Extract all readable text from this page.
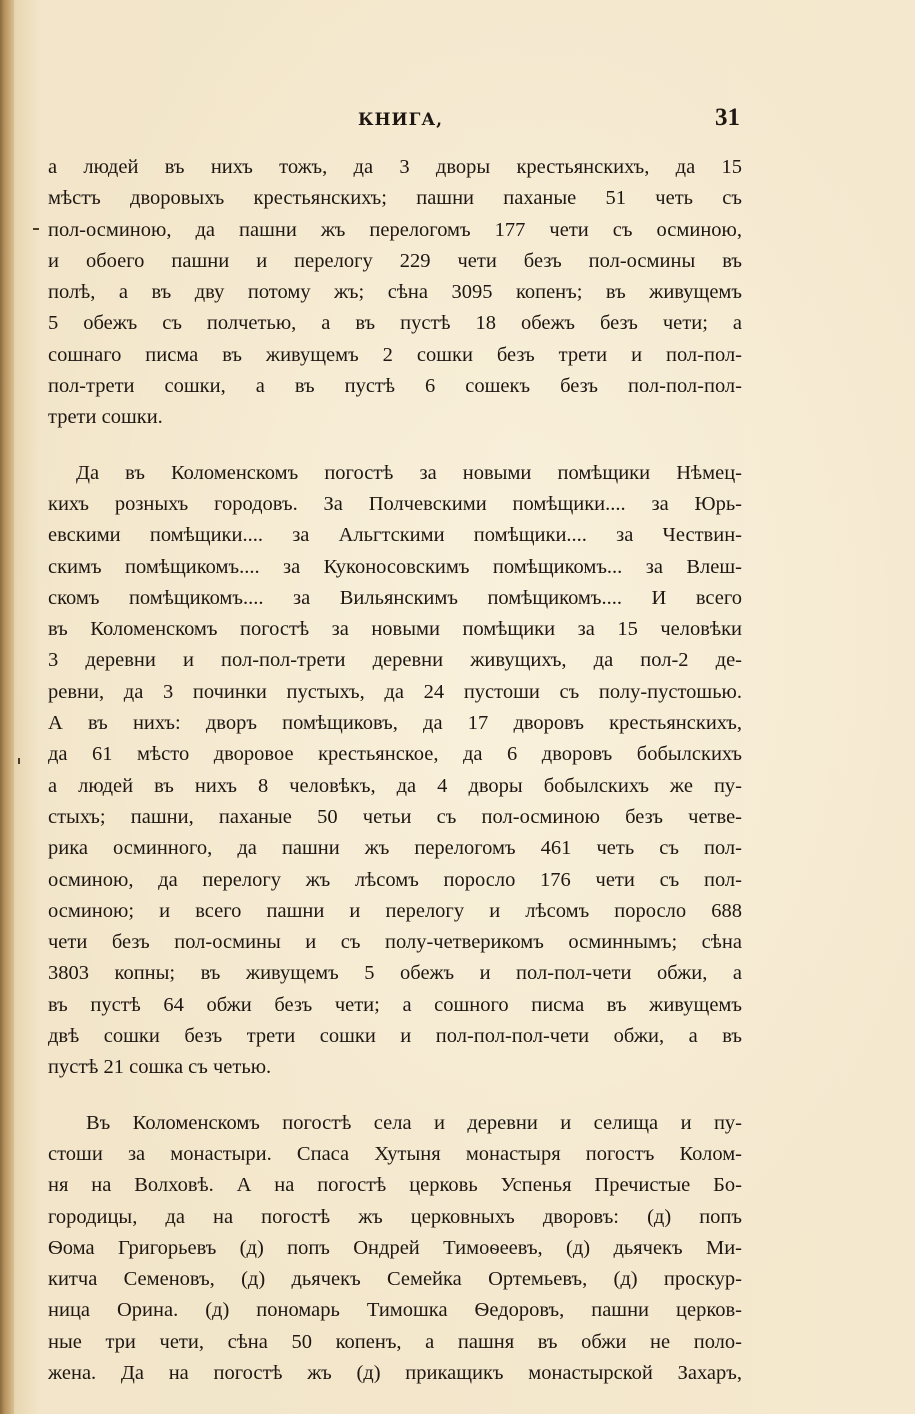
КНИГА,	31
а людей въ нихъ тожъ, да 3 дворы крестьянскихъ, да 15
мѣстъ дворовыхъ крестьянскихъ; пашни паханые 51 четь съ
пол-осминою, да пашни жъ перелогомъ 177 чети съ осминою,
и обоего пашни и перелогу 229 чети безъ пол-осмины въ
полѣ, а въ дву потому жъ; сѣна 3095 копенъ; въ живущемъ
5 обежъ съ полчетью, а въ пустѣ 18 обежъ безъ чети; а
сошнаго писма въ живущемъ 2 сошки безъ трети и пол-пол-
пол-трети сошки, а въ пустѣ 6 сошекъ безъ пол-пол-пол-
трети сошки.
Да въ Коломенскомъ погостѣ за новыми помѣщики Нѣмец-
кихъ розныхъ городовъ. За Полчевскими помѣщики.... за Юрь-
евскими помѣщики.... за Альгтскими помѣщики.... за Чествин-
скимъ помѣщикомъ.... за Куконосовскимъ помѣщикомъ... за Влеш-
скомъ помѣщикомъ.... за Вильянскимъ помѣщикомъ.... И всего
въ Коломенскомъ погостѣ за новыми помѣщики за 15 человѣки
3 деревни и пол-пол-трети деревни живущихъ, да пол-2 де-
ревни, да 3 починки пустыхъ, да 24 пустоши съ полу-пустошью.
А въ нихъ: дворъ помѣщиковъ, да 17 дворовъ крестьянскихъ,
да 61 мѣсто дворовое крестьянское, да 6 дворовъ бобылскихъ
а людей въ нихъ 8 человѣкъ, да 4 дворы бобылскихъ же пу-
стыхъ; пашни, паханые 50 четьи съ пол-осминою безъ четве-
рика осминного, да пашни жъ перелогомъ 461 четь съ пол-
осминою, да перелогу жъ лѣсомъ поросло 176 чети съ пол-
осминою; и всего пашни и перелогу и лѣсомъ поросло 688
чети безъ пол-осмины и съ полу-четверикомъ осминнымъ; сѣна
3803 копны; въ живущемъ 5 обежъ и пол-пол-чети обжи, а
въ пустѣ 64 обжи безъ чети; а сошного писма въ живущемъ
двѣ сошки безъ трети сошки и пол-пол-пол-чети обжи, а въ
пустѣ 21 сошка съ четью.
Въ Коломенскомъ погостѣ села и деревни и селища и пу-
стоши за монастыри. Спаса Хутыня монастыря погостъ Колом-
ня на Волховѣ. А на погостѣ церковь Успенья Пречистые Бо-
городицы, да на погостѣ жъ церковныхъ дворовъ: (д) попъ
Ѳома Григорьевъ (д) попъ Ондрей Тимоѳеевъ, (д) дьячекъ Ми-
китча Семеновъ, (д) дьячекъ Семейка Ортемьевъ, (д) проскур-
ница Орина. (д) пономарь Тимошка Ѳедоровъ, пашни церков-
ные три чети, сѣна 50 копенъ, а пашня въ обжи не поло-
жена. Да на погостѣ жъ (д) прикащикъ монастырской Захаръ,
